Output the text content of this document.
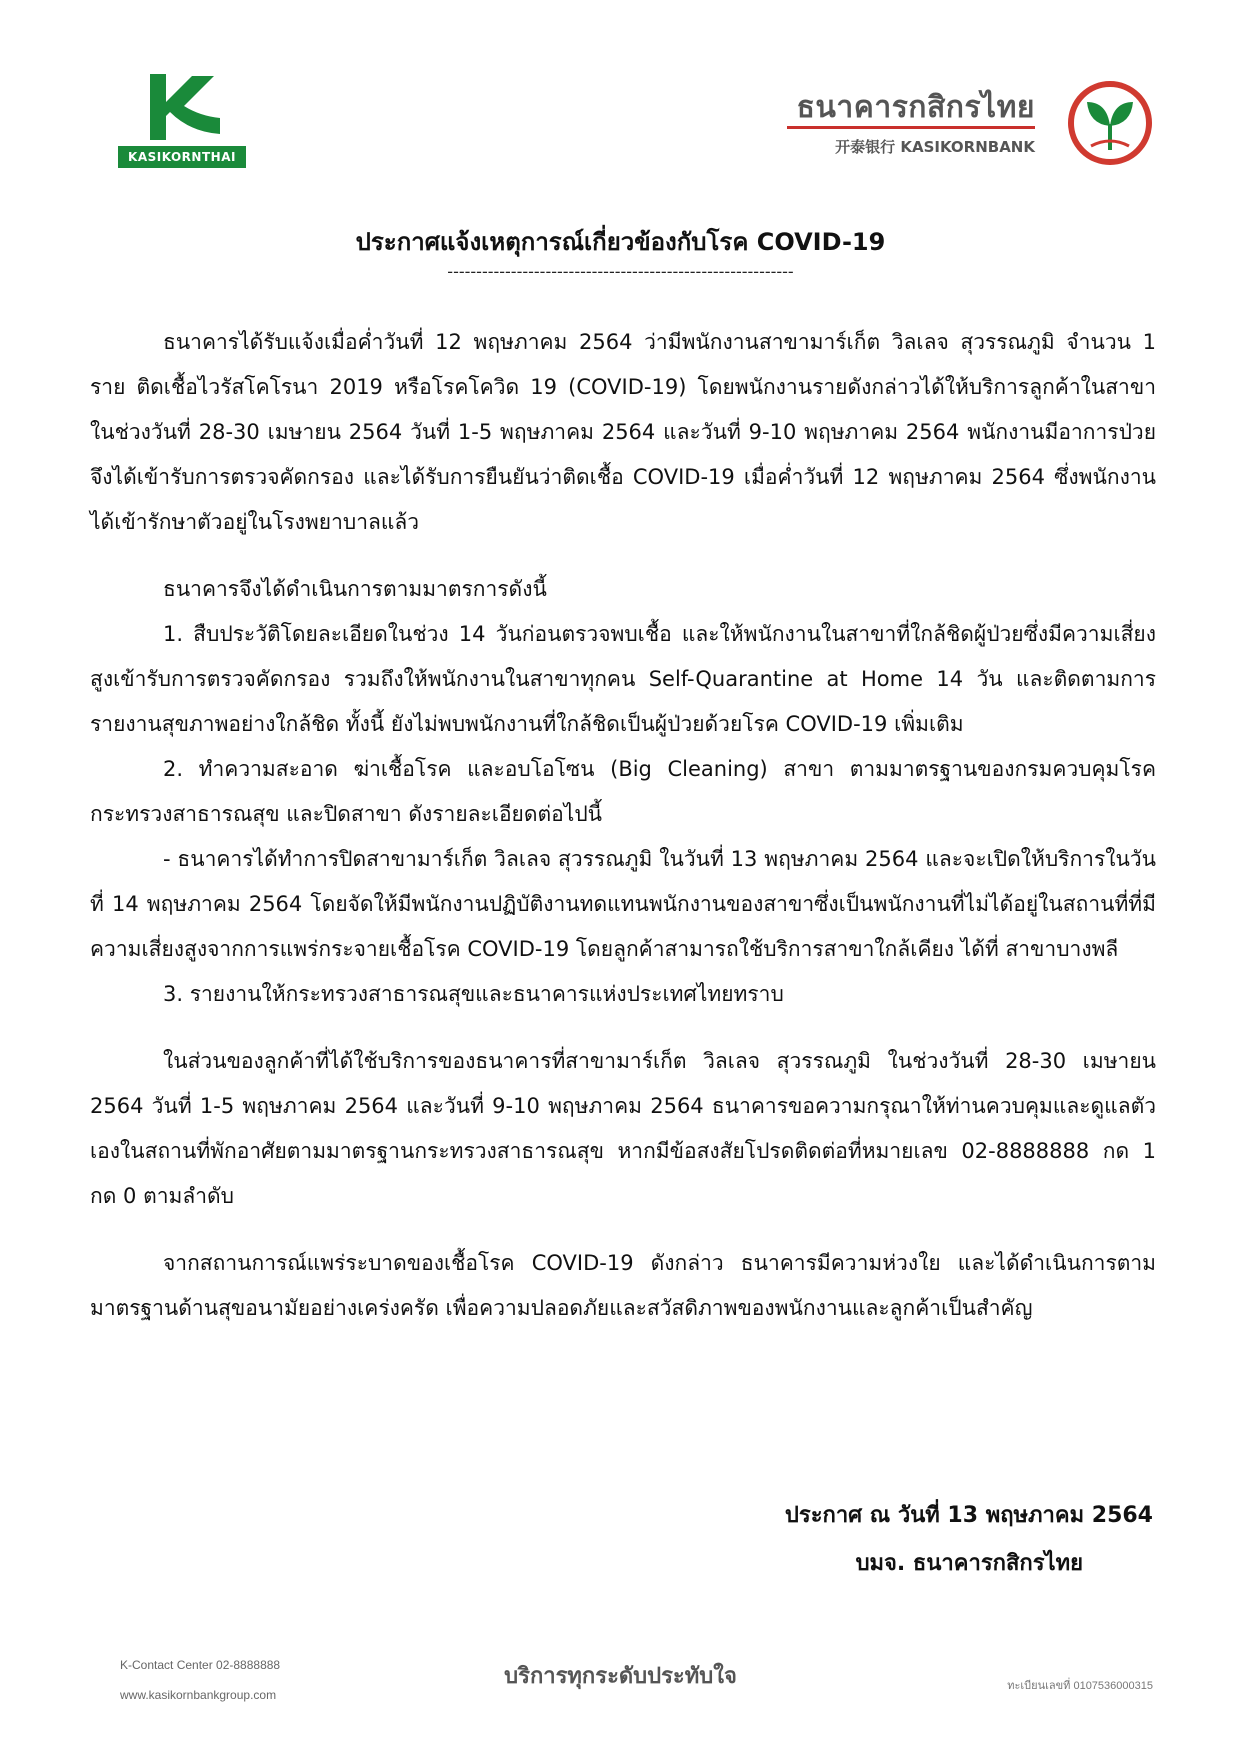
KASIKORNTHAI
ธนาคารกสิกรไทย
开泰银行 KASIKORNBANK
ประกาศแจ้งเหตุการณ์เกี่ยวข้องกับโรค COVID-19
------------------------------------------------------------

ธนาคารได้รับแจ้งเมื่อค่ำวันที่ 12 พฤษภาคม 2564 ว่ามีพนักงานสาขามาร์เก็ต วิลเลจ สุวรรณภูมิ จำนวน 1 ราย ติดเชื้อไวรัสโคโรนา 2019 หรือโรคโควิด 19 (COVID-19) โดยพนักงานรายดังกล่าวได้ให้บริการลูกค้าในสาขา ในช่วงวันที่ 28-30 เมษายน 2564 วันที่ 1-5 พฤษภาคม 2564 และวันที่ 9-10 พฤษภาคม 2564 พนักงานมีอาการป่วยจึงได้เข้ารับการตรวจคัดกรอง และได้รับการยืนยันว่าติดเชื้อ COVID-19 เมื่อค่ำวันที่ 12 พฤษภาคม 2564 ซึ่งพนักงานได้เข้ารักษาตัวอยู่ในโรงพยาบาลแล้ว

ธนาคารจึงได้ดำเนินการตามมาตรการดังนี้

1. สืบประวัติโดยละเอียดในช่วง 14 วันก่อนตรวจพบเชื้อ และให้พนักงานในสาขาที่ใกล้ชิดผู้ป่วยซึ่งมีความเสี่ยงสูงเข้ารับการตรวจคัดกรอง รวมถึงให้พนักงานในสาขาทุกคน Self-Quarantine at Home 14 วัน และติดตามการรายงานสุขภาพอย่างใกล้ชิด ทั้งนี้ ยังไม่พบพนักงานที่ใกล้ชิดเป็นผู้ป่วยด้วยโรค COVID-19 เพิ่มเติม

2. ทำความสะอาด ฆ่าเชื้อโรค และอบโอโซน (Big Cleaning) สาขา ตามมาตรฐานของกรมควบคุมโรค กระทรวงสาธารณสุข และปิดสาขา ดังรายละเอียดต่อไปนี้

- ธนาคารได้ทำการปิดสาขามาร์เก็ต วิลเลจ สุวรรณภูมิ ในวันที่ 13 พฤษภาคม 2564 และจะเปิดให้บริการในวันที่ 14 พฤษภาคม 2564 โดยจัดให้มีพนักงานปฏิบัติงานทดแทนพนักงานของสาขาซึ่งเป็นพนักงานที่ไม่ได้อยู่ในสถานที่ที่มีความเสี่ยงสูงจากการแพร่กระจายเชื้อโรค COVID-19 โดยลูกค้าสามารถใช้บริการสาขาใกล้เคียง ได้ที่ สาขาบางพลี

3. รายงานให้กระทรวงสาธารณสุขและธนาคารแห่งประเทศไทยทราบ

ในส่วนของลูกค้าที่ได้ใช้บริการของธนาคารที่สาขามาร์เก็ต วิลเลจ สุวรรณภูมิ ในช่วงวันที่ 28-30 เมษายน 2564 วันที่ 1-5 พฤษภาคม 2564 และวันที่ 9-10 พฤษภาคม 2564 ธนาคารขอความกรุณาให้ท่านควบคุมและดูแลตัวเองในสถานที่พักอาศัยตามมาตรฐานกระทรวงสาธารณสุข หากมีข้อสงสัยโปรดติดต่อที่หมายเลข 02-8888888 กด 1 กด 0 ตามลำดับ

จากสถานการณ์แพร่ระบาดของเชื้อโรค COVID-19 ดังกล่าว ธนาคารมีความห่วงใย และได้ดำเนินการตามมาตรฐานด้านสุขอนามัยอย่างเคร่งครัด เพื่อความปลอดภัยและสวัสดิภาพของพนักงานและลูกค้าเป็นสำคัญ

ประกาศ ณ วันที่ 13 พฤษภาคม 2564
บมจ. ธนาคารกสิกรไทย
K-Contact Center 02-8888888
www.kasikornbankgroup.com
บริการทุกระดับประทับใจ	ทะเบียนเลขที่ 0107536000315
